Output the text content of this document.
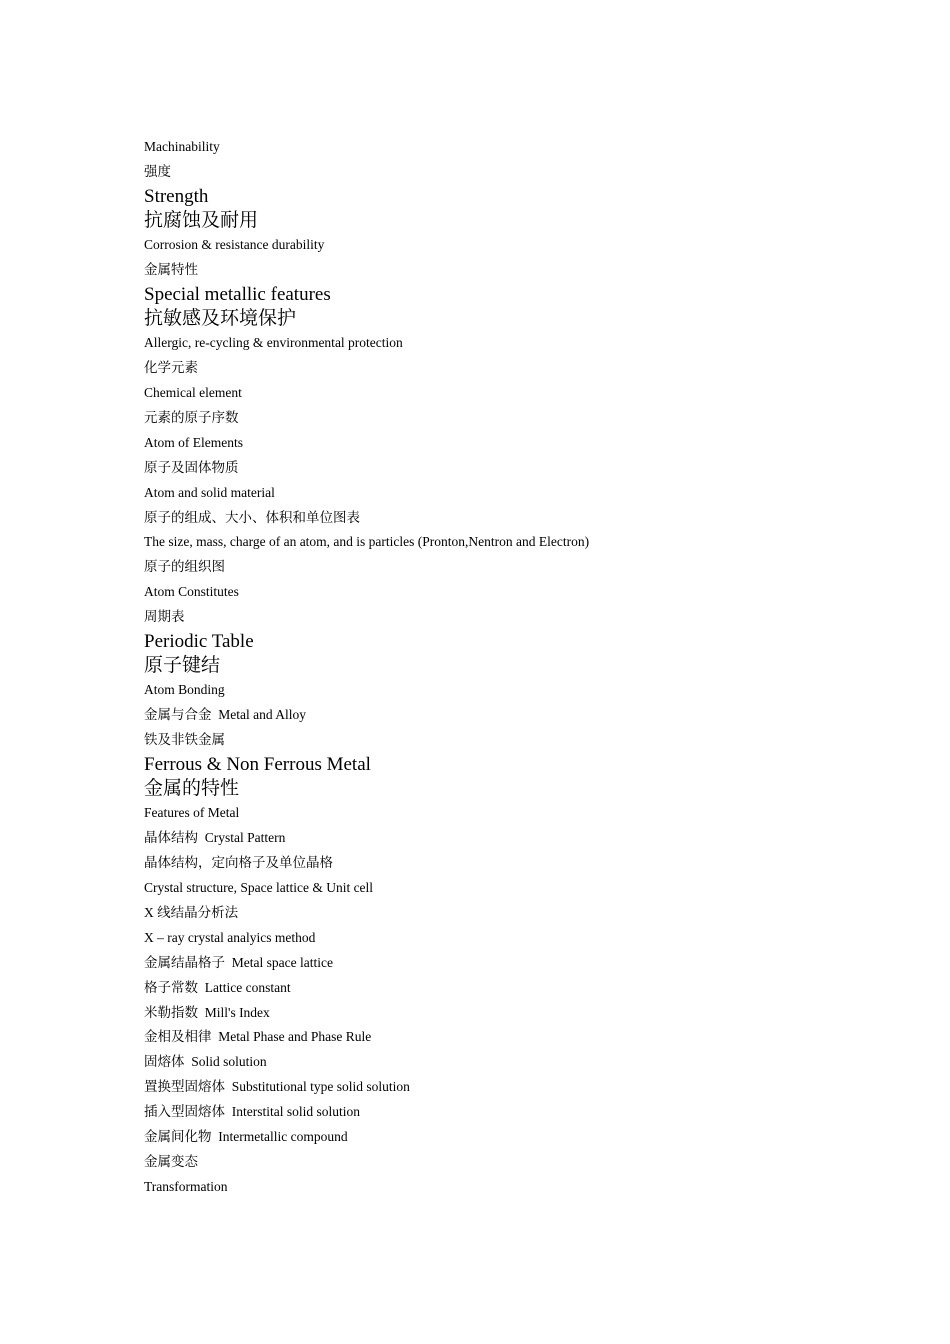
Machinability
强度
Strength
抗腐蚀及耐用
Corrosion & resistance durability
金属特性
Special metallic features
抗敏感及环境保护
Allergic, re-cycling & environmental protection
化学元素
Chemical element
元素的原子序数
Atom of Elements
原子及固体物质
Atom and solid material
原子的组成、大小、体积和单位图表
The size, mass, charge of an atom, and is particles (Pronton,Nentron and Electron)
原子的组织图
Atom Constitutes
周期表
Periodic Table
原子键结
Atom Bonding
金属与合金  Metal and Alloy
铁及非铁金属
Ferrous & Non Ferrous Metal
金属的特性
Features of Metal
晶体结构  Crystal Pattern
晶体结构，定向格子及单位晶格
Crystal structure, Space lattice & Unit cell
X 线结晶分析法
X – ray crystal analyics method
金属结晶格子  Metal space lattice
格子常数  Lattice constant
米勒指数  Mill's Index
金相及相律  Metal Phase and Phase Rule
固熔体  Solid solution
置换型固熔体  Substitutional type solid solution
插入型固熔体  Interstital solid solution
金属间化物  Intermetallic compound
金属变态
Transformation
